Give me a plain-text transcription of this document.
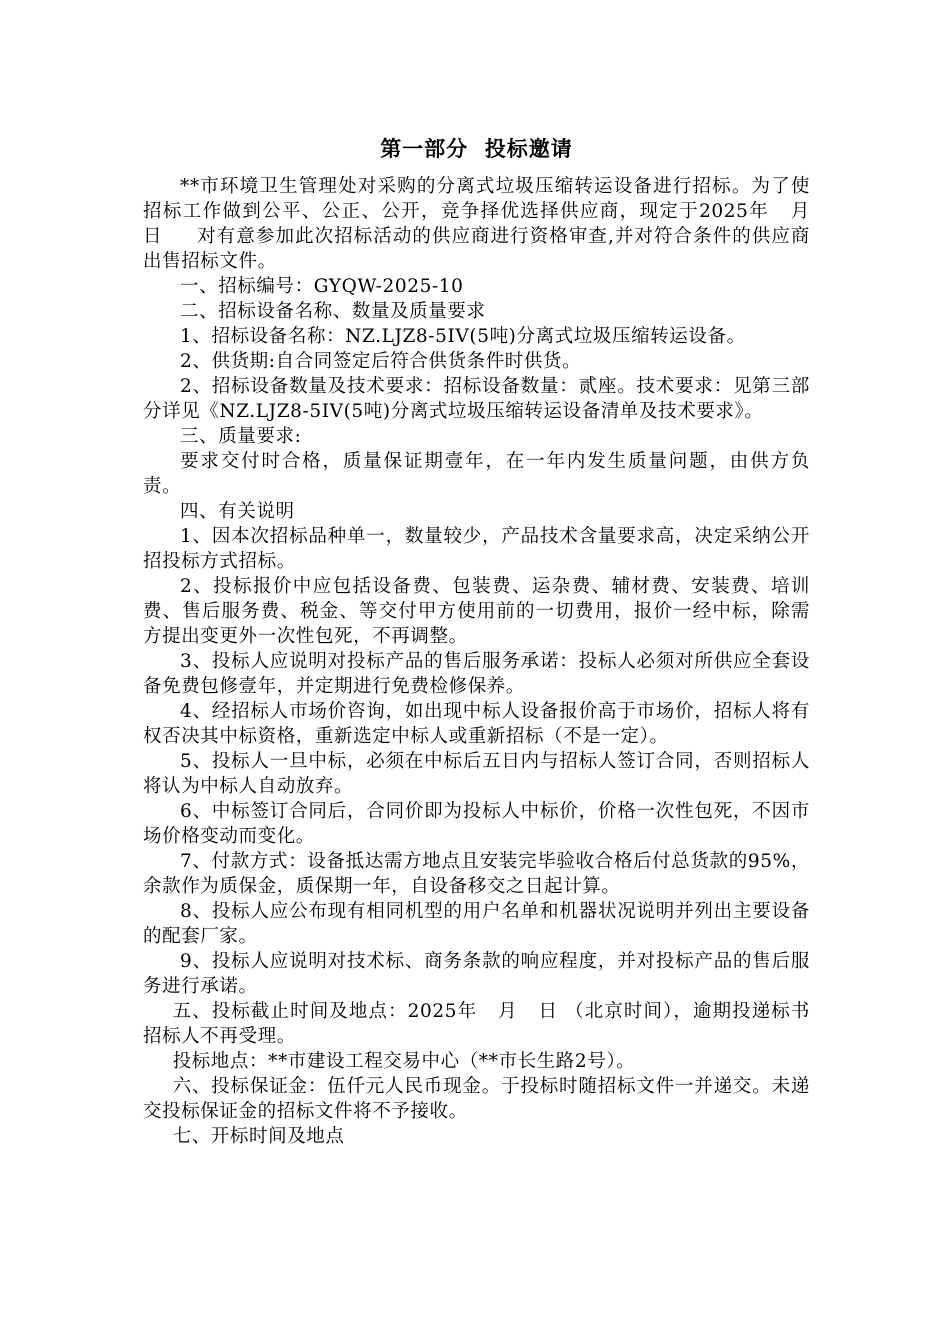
第一部分  投标邀请

**市环境卫生管理处对采购的分离式垃圾压缩转运设备进行招标。为了使招标工作做到公平、公正、公开，竞争择优选择供应商，现定于2025年   月    日     对有意参加此次招标活动的供应商进行资格审查,并对符合条件的供应商出售招标文件。

一、招标编号：GYQW-2025-10

二、招标设备名称、数量及质量要求

1、招标设备名称：NZ.LJZ8-5IV(5吨)分离式垃圾压缩转运设备。

2、供货期:自合同签定后符合供货条件时供货。

2、招标设备数量及技术要求：招标设备数量：贰座。技术要求：见第三部分详见《NZ.LJZ8-5IV(5吨)分离式垃圾压缩转运设备清单及技术要求》。

三、质量要求:

要求交付时合格，质量保证期壹年，在一年内发生质量问题，由供方负责。

四、有关说明

1、因本次招标品种单一，数量较少，产品技术含量要求高，决定采纳公开招投标方式招标。

2、投标报价中应包括设备费、包装费、运杂费、辅材费、安装费、培训费、售后服务费、税金、等交付甲方使用前的一切费用，报价一经中标，除需方提出变更外一次性包死，不再调整。

3、投标人应说明对投标产品的售后服务承诺：投标人必须对所供应全套设备免费包修壹年，并定期进行免费检修保养。

4、经招标人市场价咨询，如出现中标人设备报价高于市场价，招标人将有权否决其中标资格，重新选定中标人或重新招标（不是一定）。

5、投标人一旦中标，必须在中标后五日内与招标人签订合同，否则招标人将认为中标人自动放弃。

6、中标签订合同后，合同价即为投标人中标价，价格一次性包死，不因市场价格变动而变化。

7、付款方式：设备抵达需方地点且安装完毕验收合格后付总货款的95%，余款作为质保金，质保期一年，自设备移交之日起计算。

8、投标人应公布现有相同机型的用户名单和机器状况说明并列出主要设备的配套厂家。

9、投标人应说明对技术标、商务条款的响应程度，并对投标产品的售后服务进行承诺。

五、投标截止时间及地点：2025年   月   日 （北京时间），逾期投递标书招标人不再受理。

投标地点：**市建设工程交易中心（**市长生路2号）。

六、投标保证金：伍仟元人民币现金。于投标时随招标文件一并递交。未递交投标保证金的招标文件将不予接收。

七、开标时间及地点
